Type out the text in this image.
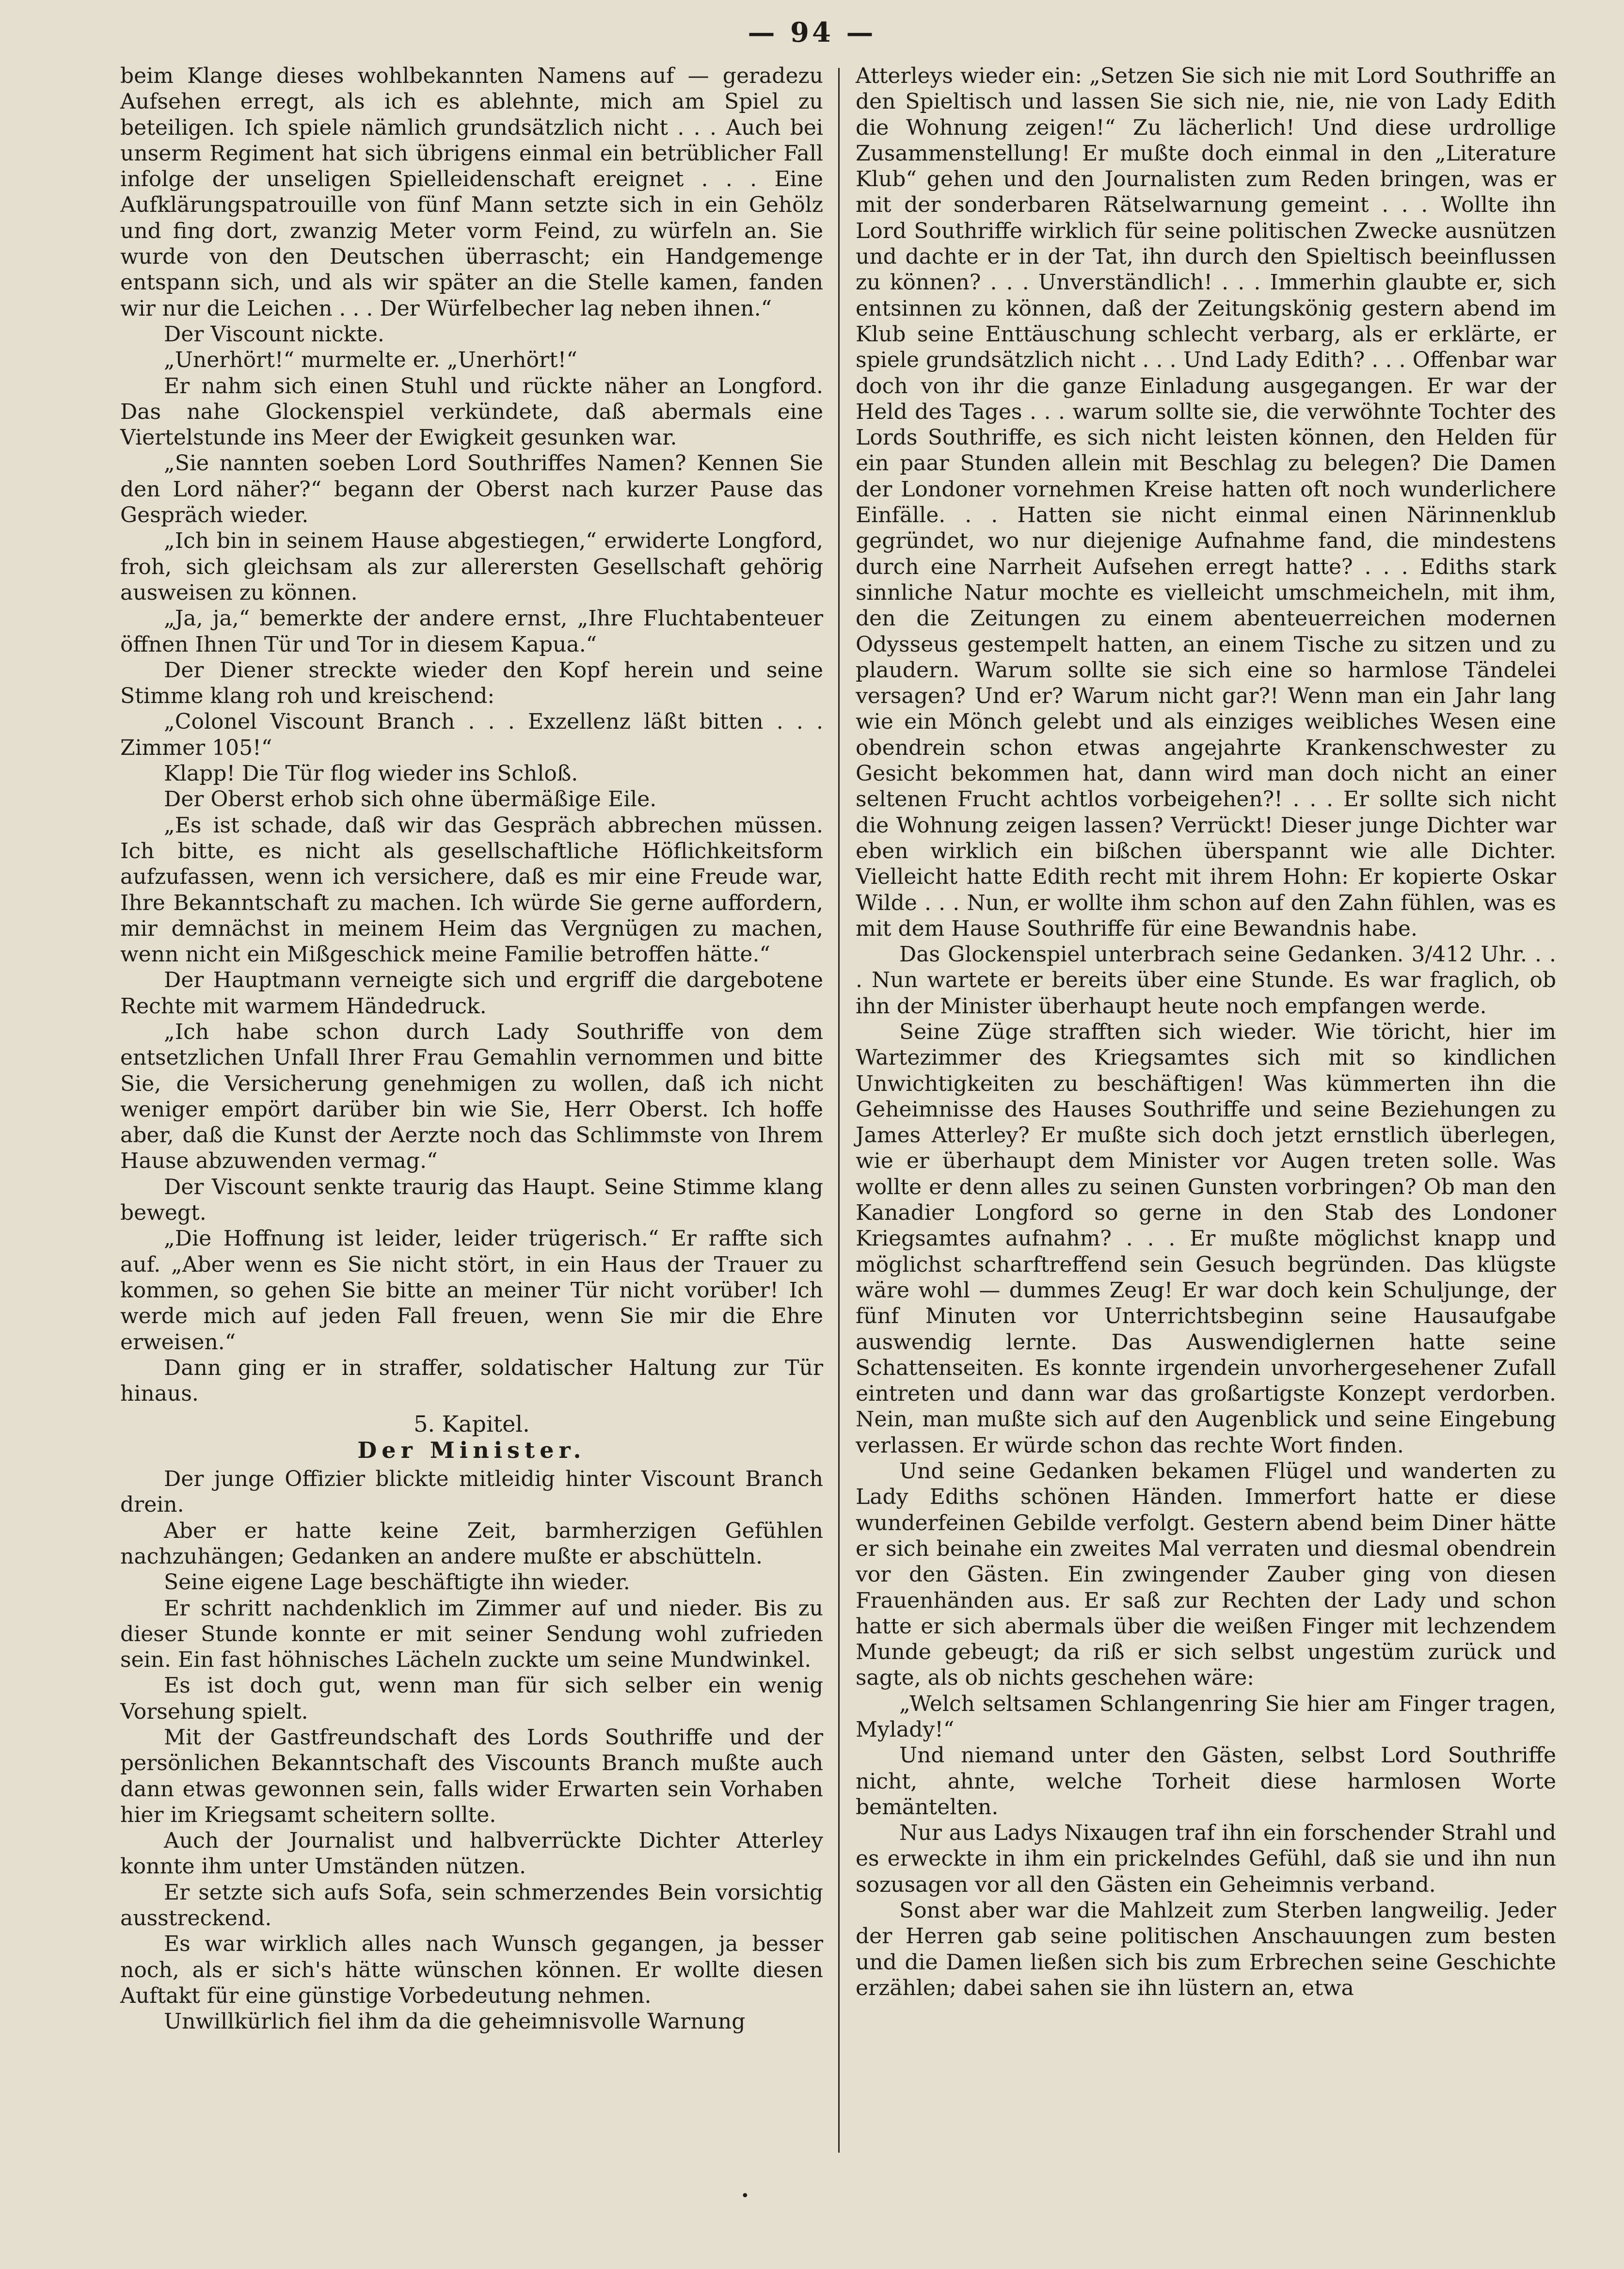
— 94 —

beim Klange dieses wohlbekannten Namens auf — geradezu Aufsehen erregt, als ich es ablehnte, mich am Spiel zu beteiligen. Ich spiele nämlich grundsätzlich nicht . . . Auch bei unserm Regiment hat sich übrigens einmal ein betrüblicher Fall infolge der unseligen Spielleidenschaft ereignet . . . Eine Aufklärungspatrouille von fünf Mann setzte sich in ein Gehölz und fing dort, zwanzig Meter vorm Feind, zu würfeln an. Sie wurde von den Deutschen überrascht; ein Handgemenge entspann sich, und als wir später an die Stelle kamen, fanden wir nur die Leichen . . . Der Würfelbecher lag neben ihnen.“

Der Viscount nickte.

„Unerhört!“ murmelte er. „Unerhört!“

Er nahm sich einen Stuhl und rückte näher an Longford. Das nahe Glockenspiel verkündete, daß abermals eine Viertelstunde ins Meer der Ewigkeit gesunken war.

„Sie nannten soeben Lord Southriffes Namen? Kennen Sie den Lord näher?“ begann der Oberst nach kurzer Pause das Gespräch wieder.

„Ich bin in seinem Hause abgestiegen,“ erwiderte Longford, froh, sich gleichsam als zur allerersten Gesellschaft gehörig ausweisen zu können.

„Ja, ja,“ bemerkte der andere ernst, „Ihre Fluchtabenteuer öffnen Ihnen Tür und Tor in diesem Kapua.“

Der Diener streckte wieder den Kopf herein und seine Stimme klang roh und kreischend:

„Colonel Viscount Branch . . . Exzellenz läßt bitten . . . Zimmer 105!“

Klapp! Die Tür flog wieder ins Schloß.

Der Oberst erhob sich ohne übermäßige Eile.

„Es ist schade, daß wir das Gespräch abbrechen müssen. Ich bitte, es nicht als gesellschaftliche Höflichkeitsform aufzufassen, wenn ich versichere, daß es mir eine Freude war, Ihre Bekanntschaft zu machen. Ich würde Sie gerne auffordern, mir demnächst in meinem Heim das Vergnügen zu machen, wenn nicht ein Mißgeschick meine Familie betroffen hätte.“

Der Hauptmann verneigte sich und ergriff die dargebotene Rechte mit warmem Händedruck.

„Ich habe schon durch Lady Southriffe von dem entsetzlichen Unfall Ihrer Frau Gemahlin vernommen und bitte Sie, die Versicherung genehmigen zu wollen, daß ich nicht weniger empört darüber bin wie Sie, Herr Oberst. Ich hoffe aber, daß die Kunst der Aerzte noch das Schlimmste von Ihrem Hause abzuwenden vermag.“

Der Viscount senkte traurig das Haupt. Seine Stimme klang bewegt.

„Die Hoffnung ist leider, leider trügerisch.“ Er raffte sich auf. „Aber wenn es Sie nicht stört, in ein Haus der Trauer zu kommen, so gehen Sie bitte an meiner Tür nicht vorüber! Ich werde mich auf jeden Fall freuen, wenn Sie mir die Ehre erweisen.“

Dann ging er in straffer, soldatischer Haltung zur Tür hinaus.

5. Kapitel.
Der Minister.

Der junge Offizier blickte mitleidig hinter Viscount Branch drein.

Aber er hatte keine Zeit, barmherzigen Gefühlen nachzuhängen; Gedanken an andere mußte er abschütteln.

Seine eigene Lage beschäftigte ihn wieder.

Er schritt nachdenklich im Zimmer auf und nieder. Bis zu dieser Stunde konnte er mit seiner Sendung wohl zufrieden sein. Ein fast höhnisches Lächeln zuckte um seine Mundwinkel.

Es ist doch gut, wenn man für sich selber ein wenig Vorsehung spielt.

Mit der Gastfreundschaft des Lords Southriffe und der persönlichen Bekanntschaft des Viscounts Branch mußte auch dann etwas gewonnen sein, falls wider Erwarten sein Vorhaben hier im Kriegsamt scheitern sollte.

Auch der Journalist und halbverrückte Dichter Atterley konnte ihm unter Umständen nützen.

Er setzte sich aufs Sofa, sein schmerzendes Bein vorsichtig ausstreckend.

Es war wirklich alles nach Wunsch gegangen, ja besser noch, als er sich's hätte wünschen können. Er wollte diesen Auftakt für eine günstige Vorbedeutung nehmen.

Unwillkürlich fiel ihm da die geheimnisvolle Warnung

Atterleys wieder ein: „Setzen Sie sich nie mit Lord Southriffe an den Spieltisch und lassen Sie sich nie, nie, nie von Lady Edith die Wohnung zeigen!“ Zu lächerlich! Und diese urdrollige Zusammenstellung! Er mußte doch einmal in den „Literature Klub“ gehen und den Journalisten zum Reden bringen, was er mit der sonderbaren Rätselwarnung gemeint . . . Wollte ihn Lord Southriffe wirklich für seine politischen Zwecke ausnützen und dachte er in der Tat, ihn durch den Spieltisch beeinflussen zu können? . . . Unverständlich! . . . Immerhin glaubte er, sich entsinnen zu können, daß der Zeitungskönig gestern abend im Klub seine Enttäuschung schlecht verbarg, als er erklärte, er spiele grundsätzlich nicht . . . Und Lady Edith? . . . Offenbar war doch von ihr die ganze Einladung ausgegangen. Er war der Held des Tages . . . warum sollte sie, die verwöhnte Tochter des Lords Southriffe, es sich nicht leisten können, den Helden für ein paar Stunden allein mit Beschlag zu belegen? Die Damen der Londoner vornehmen Kreise hatten oft noch wunderlichere Einfälle. . . Hatten sie nicht einmal einen Närinnenklub gegründet, wo nur diejenige Aufnahme fand, die mindestens durch eine Narrheit Aufsehen erregt hatte? . . . Ediths stark sinnliche Natur mochte es vielleicht umschmeicheln, mit ihm, den die Zeitungen zu einem abenteuerreichen modernen Odysseus gestempelt hatten, an einem Tische zu sitzen und zu plaudern. Warum sollte sie sich eine so harmlose Tändelei versagen? Und er? Warum nicht gar?! Wenn man ein Jahr lang wie ein Mönch gelebt und als einziges weibliches Wesen eine obendrein schon etwas angejahrte Krankenschwester zu Gesicht bekommen hat, dann wird man doch nicht an einer seltenen Frucht achtlos vorbeigehen?! . . . Er sollte sich nicht die Wohnung zeigen lassen? Verrückt! Dieser junge Dichter war eben wirklich ein bißchen überspannt wie alle Dichter. Vielleicht hatte Edith recht mit ihrem Hohn: Er kopierte Oskar Wilde . . . Nun, er wollte ihm schon auf den Zahn fühlen, was es mit dem Hause Southriffe für eine Bewandnis habe.

Das Glockenspiel unterbrach seine Gedanken. 3/412 Uhr. . . . Nun wartete er bereits über eine Stunde. Es war fraglich, ob ihn der Minister überhaupt heute noch empfangen werde.

Seine Züge strafften sich wieder. Wie töricht, hier im Wartezimmer des Kriegsamtes sich mit so kindlichen Unwichtigkeiten zu beschäftigen! Was kümmerten ihn die Geheimnisse des Hauses Southriffe und seine Beziehungen zu James Atterley? Er mußte sich doch jetzt ernstlich überlegen, wie er überhaupt dem Minister vor Augen treten solle. Was wollte er denn alles zu seinen Gunsten vorbringen? Ob man den Kanadier Longford so gerne in den Stab des Londoner Kriegsamtes aufnahm? . . . Er mußte möglichst knapp und möglichst scharftreffend sein Gesuch begründen. Das klügste wäre wohl — dummes Zeug! Er war doch kein Schuljunge, der fünf Minuten vor Unterrichtsbeginn seine Hausaufgabe auswendig lernte. Das Auswendiglernen hatte seine Schattenseiten. Es konnte irgendein unvorhergesehener Zufall eintreten und dann war das großartigste Konzept verdorben. Nein, man mußte sich auf den Augenblick und seine Eingebung verlassen. Er würde schon das rechte Wort finden.

Und seine Gedanken bekamen Flügel und wanderten zu Lady Ediths schönen Händen. Immerfort hatte er diese wunderfeinen Gebilde verfolgt. Gestern abend beim Diner hätte er sich beinahe ein zweites Mal verraten und diesmal obendrein vor den Gästen. Ein zwingender Zauber ging von diesen Frauenhänden aus. Er saß zur Rechten der Lady und schon hatte er sich abermals über die weißen Finger mit lechzendem Munde gebeugt; da riß er sich selbst ungestüm zurück und sagte, als ob nichts geschehen wäre:

„Welch seltsamen Schlangenring Sie hier am Finger tragen, Mylady!“

Und niemand unter den Gästen, selbst Lord Southriffe nicht, ahnte, welche Torheit diese harmlosen Worte bemäntelten.

Nur aus Ladys Nixaugen traf ihn ein forschender Strahl und es erweckte in ihm ein prickelndes Gefühl, daß sie und ihn nun sozusagen vor all den Gästen ein Geheimnis verband.

Sonst aber war die Mahlzeit zum Sterben langweilig. Jeder der Herren gab seine politischen Anschauungen zum besten und die Damen ließen sich bis zum Erbrechen seine Geschichte erzählen; dabei sahen sie ihn lüstern an, etwa

•
